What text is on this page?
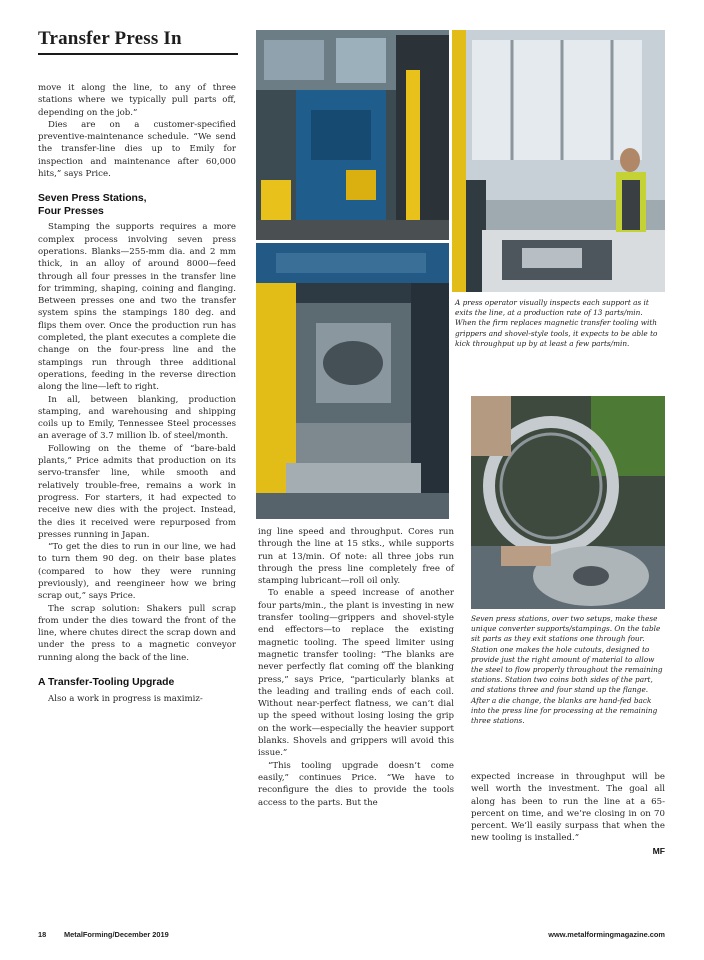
Transfer Press In

move it along the line, to any of three stations where we typically pull parts off, depending on the job.”

Dies are on a customer-specified preventive-maintenance schedule. “We send the transfer-line dies up to Emily for inspection and maintenance after 60,000 hits,” says Price.

Seven Press Stations,
Four Presses

Stamping the supports requires a more complex process involving seven press operations. Blanks—255-mm dia. and 2 mm thick, in an alloy of around 8000—feed through all four presses in the transfer line for trimming, shaping, coining and flanging. Between presses one and two the transfer system spins the stampings 180 deg. and flips them over. Once the production run has completed, the plant executes a complete die change on the four-press line and the stampings run through three additional operations, feeding in the reverse direction along the line—left to right.

In all, between blanking, production stamping, and warehousing and shipping coils up to Emily, Tennessee Steel processes an average of 3.7 million lb. of steel/month.

Following on the theme of “bare-bald plants,” Price admits that production on its servo-transfer line, while smooth and relatively trouble-free, remains a work in progress. For starters, it had expected to receive new dies with the project. Instead, the dies it received were repurposed from presses running in Japan.

“To get the dies to run in our line, we had to turn them 90 deg. on their base plates (compared to how they were running previously), and reengineer how we bring scrap out,” says Price.

The scrap solution: Shakers pull scrap from under the dies toward the front of the line, where chutes direct the scrap down and under the press to a magnetic conveyor running along the back of the line.

A Transfer-Tooling Upgrade

Also a work in progress is maximiz-

ing line speed and throughput. Cores run through the line at 15 stks., while supports run at 13/min. Of note: all three jobs run through the press line completely free of stamping lubricant—roll oil only.

To enable a speed increase of another four parts/min., the plant is investing in new transfer tooling—grippers and shovel-style end effectors—to replace the existing magnetic tooling. The speed limiter using magnetic transfer tooling: “The blanks are never perfectly flat coming off the blanking press,” says Price, “particularly blanks at the leading and trailing ends of each coil. Without near-perfect flatness, we can’t dial up the speed without losing losing the grip on the work—especially the heavier support blanks. Shovels and grippers will avoid this issue.”

“This tooling upgrade doesn’t come easily,” continues Price. “We have to reconfigure the dies to provide the tools access to the parts. But the

expected increase in throughput will be well worth the investment. The goal all along has been to run the line at a 65-percent on time, and we’re closing in on 70 percent. We’ll easily surpass that when the new tooling is installed.”

MF
A press operator visually inspects each support as it exits the line, at a production rate of 13 parts/min. When the firm replaces magnetic transfer tooling with grippers and shovel-style tools, it expects to be able to kick throughput up by at least a few parts/min.
Seven press stations, over two setups, make these unique converter supports/stampings. On the table sit parts as they exit stations one through four. Station one makes the hole cutouts, designed to provide just the right amount of material to allow the steel to flow properly throughout the remaining stations. Station two coins both sides of the part, and stations three and four stand up the flange. After a die change, the blanks are hand-fed back into the press line for processing at the remaining three stations.
18 MetalForming/December 2019	www.metalformingmagazine.com
